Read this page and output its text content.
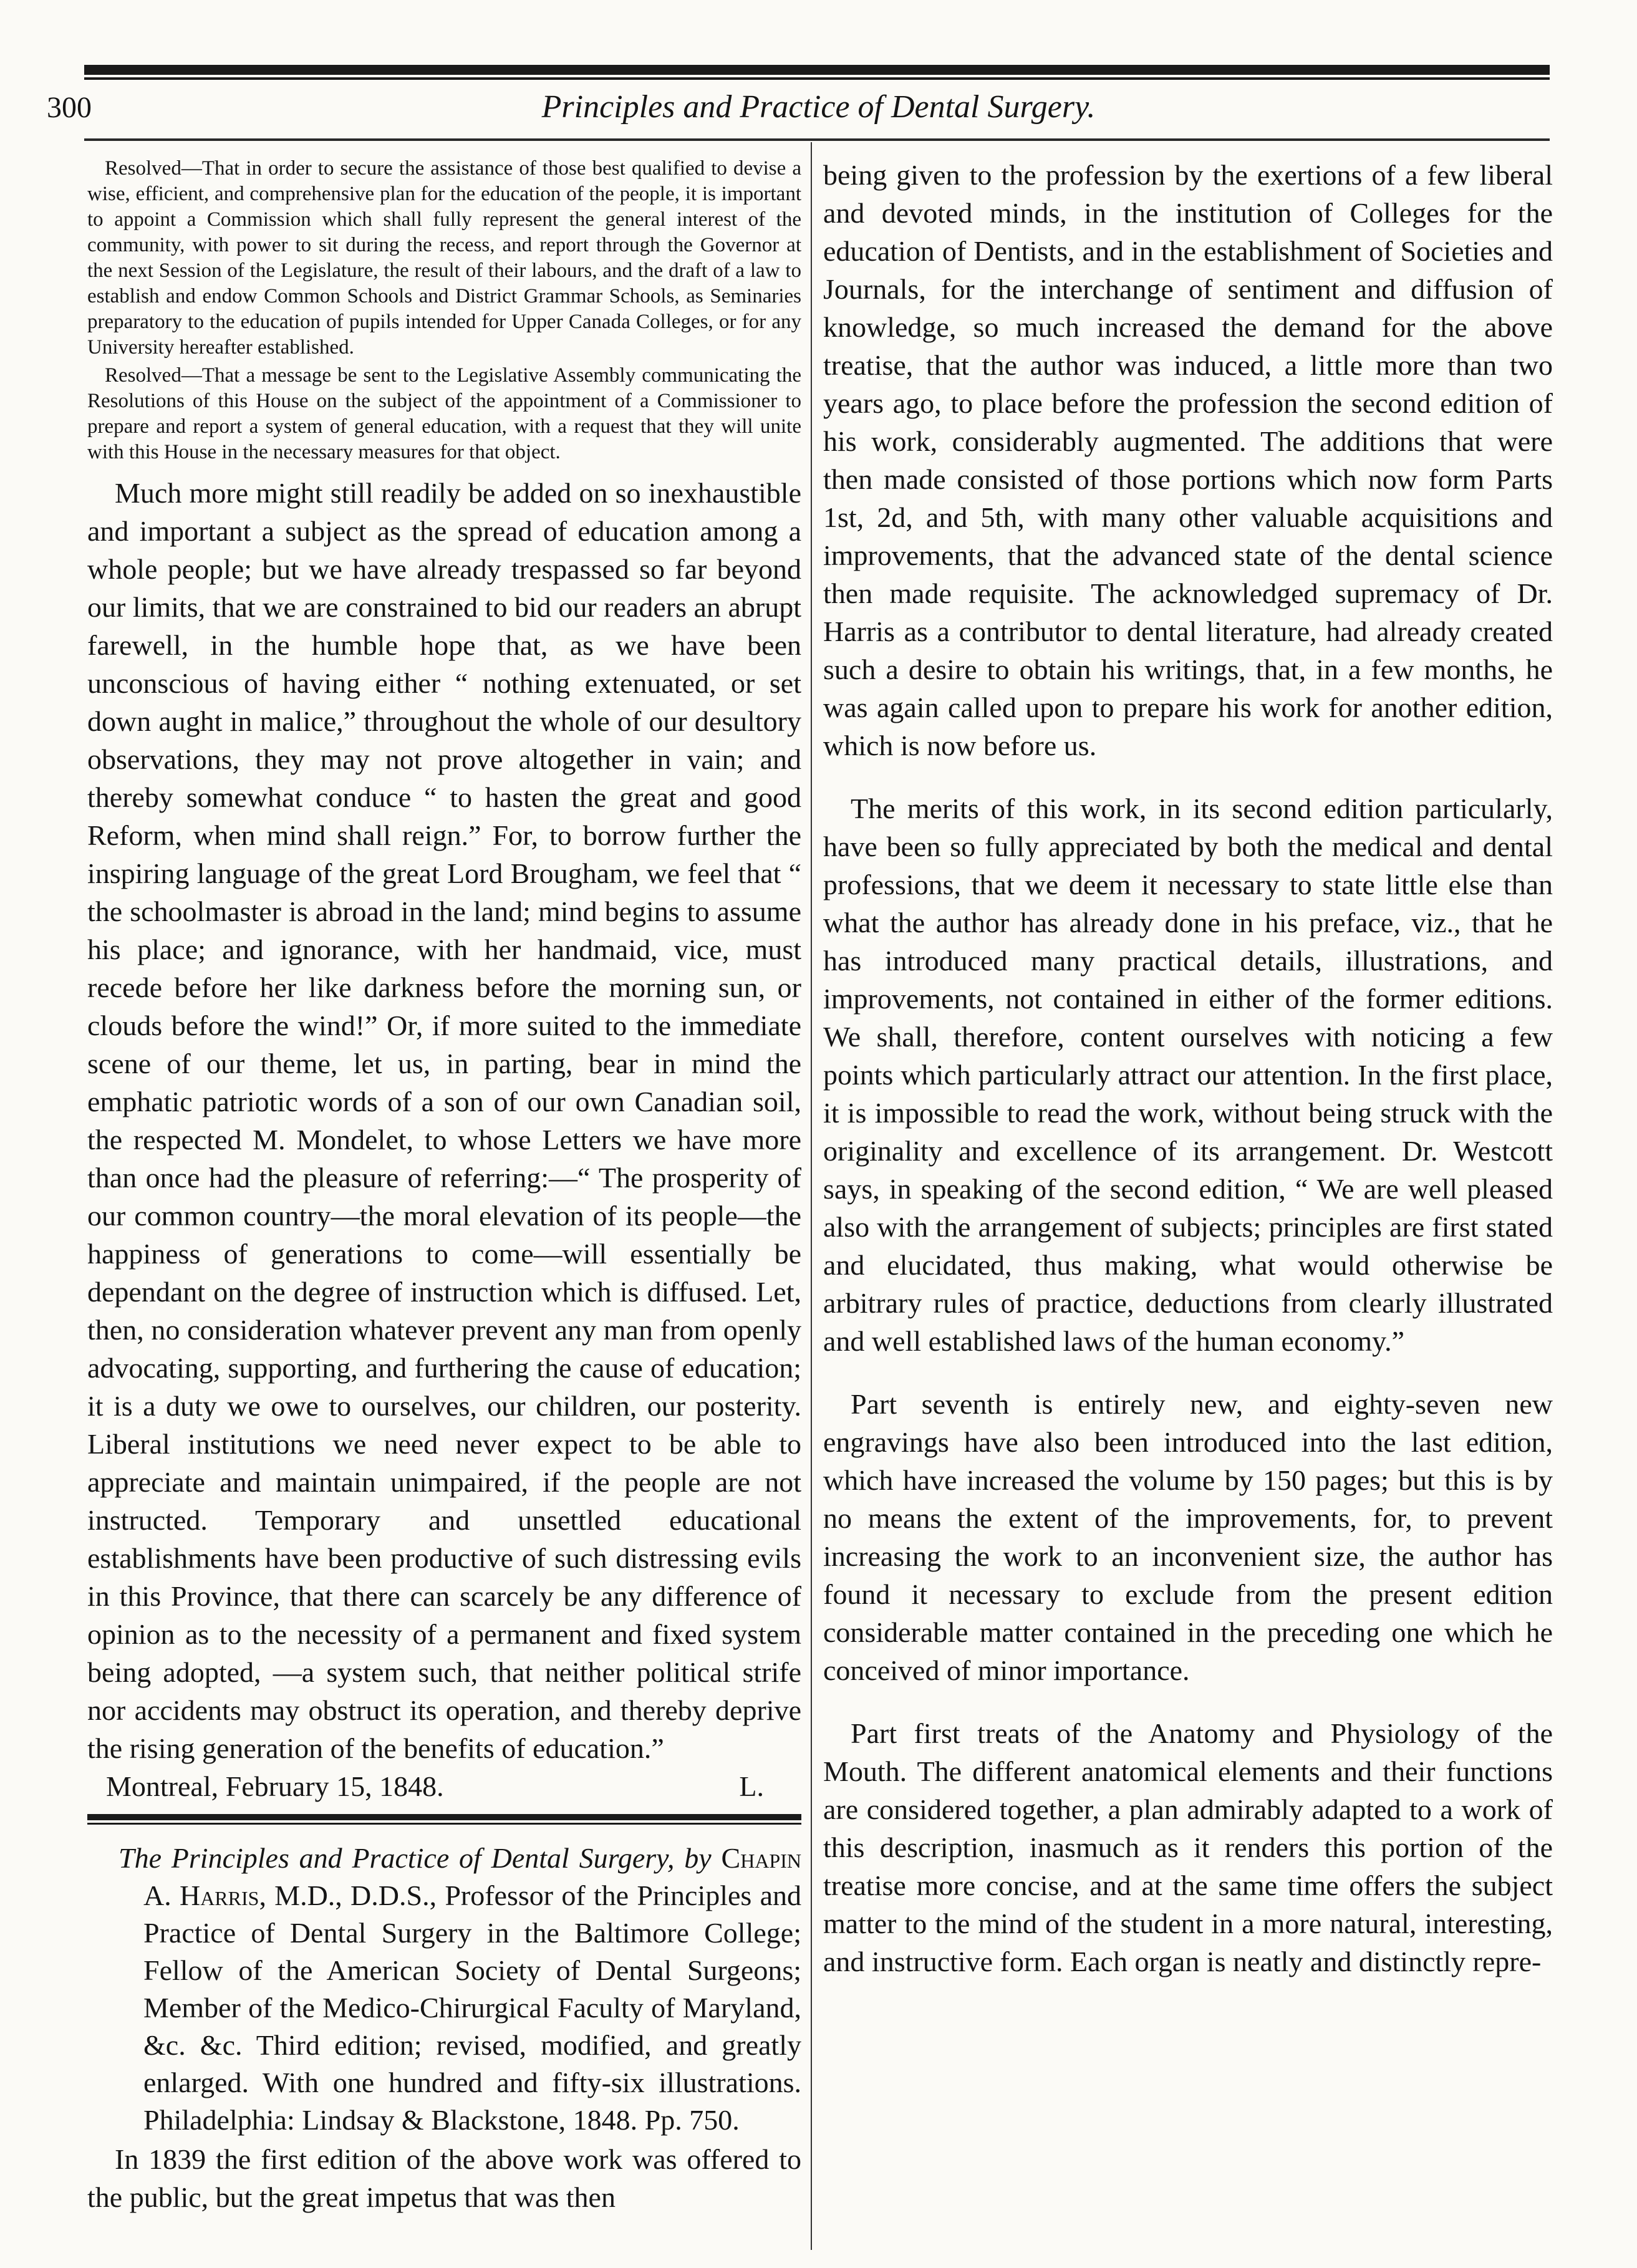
300	Principles and Practice of Dental Surgery.

Resolved—That in order to secure the assistance of those best qualified to devise a wise, efficient, and comprehensive plan for the education of the people, it is important to appoint a Commission which shall fully represent the general interest of the community, with power to sit during the recess, and report through the Governor at the next Session of the Legislature, the result of their labours, and the draft of a law to establish and endow Common Schools and District Grammar Schools, as Seminaries preparatory to the education of pupils intended for Upper Canada Colleges, or for any University hereafter established.

Resolved—That a message be sent to the Legislative Assembly communicating the Resolutions of this House on the subject of the appointment of a Commissioner to prepare and report a system of general education, with a request that they will unite with this House in the necessary measures for that object.

Much more might still readily be added on so inexhaustible and important a subject as the spread of education among a whole people; but we have already trespassed so far beyond our limits, that we are constrained to bid our readers an abrupt farewell, in the humble hope that, as we have been unconscious of having either “ nothing extenuated, or set down aught in malice,” throughout the whole of our desultory observations, they may not prove altogether in vain; and thereby somewhat conduce “ to hasten the great and good Reform, when mind shall reign.” For, to borrow further the inspiring language of the great Lord Brougham, we feel that “ the schoolmaster is abroad in the land; mind begins to assume his place; and ignorance, with her handmaid, vice, must recede before her like darkness before the morning sun, or clouds before the wind!” Or, if more suited to the immediate scene of our theme, let us, in parting, bear in mind the emphatic patriotic words of a son of our own Canadian soil, the respected M. Mondelet, to whose Letters we have more than once had the pleasure of referring:—“ The prosperity of our common country—the moral elevation of its people—the happiness of generations to come—will essentially be dependant on the degree of instruction which is diffused. Let, then, no consideration whatever prevent any man from openly advocating, supporting, and furthering the cause of education; it is a duty we owe to ourselves, our children, our posterity. Liberal institutions we need never expect to be able to appreciate and maintain unimpaired, if the people are not instructed. Temporary and unsettled educational establishments have been productive of such distressing evils in this Province, that there can scarcely be any difference of opinion as to the necessity of a permanent and fixed system being adopted, —a system such, that neither political strife nor accidents may obstruct its operation, and thereby deprive the rising generation of the benefits of education.”

Montreal, February 15, 1848.	L.

The Principles and Practice of Dental Surgery, by Chapin A. Harris, M.D., D.D.S., Professor of the Principles and Practice of Dental Surgery in the Baltimore College; Fellow of the American Society of Dental Surgeons; Member of the Medico-Chirurgical Faculty of Maryland, &c. &c. Third edition; revised, modified, and greatly enlarged. With one hundred and fifty-six illustrations. Philadelphia: Lindsay & Blackstone, 1848. Pp. 750.

In 1839 the first edition of the above work was offered to the public, but the great impetus that was then

being given to the profession by the exertions of a few liberal and devoted minds, in the institution of Colleges for the education of Dentists, and in the establishment of Societies and Journals, for the interchange of sentiment and diffusion of knowledge, so much increased the demand for the above treatise, that the author was induced, a little more than two years ago, to place before the profession the second edition of his work, considerably augmented. The additions that were then made consisted of those portions which now form Parts 1st, 2d, and 5th, with many other valuable acquisitions and improvements, that the advanced state of the dental science then made requisite. The acknowledged supremacy of Dr. Harris as a contributor to dental literature, had already created such a desire to obtain his writings, that, in a few months, he was again called upon to prepare his work for another edition, which is now before us.

The merits of this work, in its second edition particularly, have been so fully appreciated by both the medical and dental professions, that we deem it necessary to state little else than what the author has already done in his preface, viz., that he has introduced many practical details, illustrations, and improvements, not contained in either of the former editions. We shall, therefore, content ourselves with noticing a few points which particularly attract our attention. In the first place, it is impossible to read the work, without being struck with the originality and excellence of its arrangement. Dr. Westcott says, in speaking of the second edition, “ We are well pleased also with the arrangement of subjects; principles are first stated and elucidated, thus making, what would otherwise be arbitrary rules of practice, deductions from clearly illustrated and well established laws of the human economy.”

Part seventh is entirely new, and eighty-seven new engravings have also been introduced into the last edition, which have increased the volume by 150 pages; but this is by no means the extent of the improvements, for, to prevent increasing the work to an inconvenient size, the author has found it necessary to exclude from the present edition considerable matter contained in the preceding one which he conceived of minor importance.

Part first treats of the Anatomy and Physiology of the Mouth. The different anatomical elements and their functions are considered together, a plan admirably adapted to a work of this description, inasmuch as it renders this portion of the treatise more concise, and at the same time offers the subject matter to the mind of the student in a more natural, interesting, and instructive form. Each organ is neatly and distinctly repre-
